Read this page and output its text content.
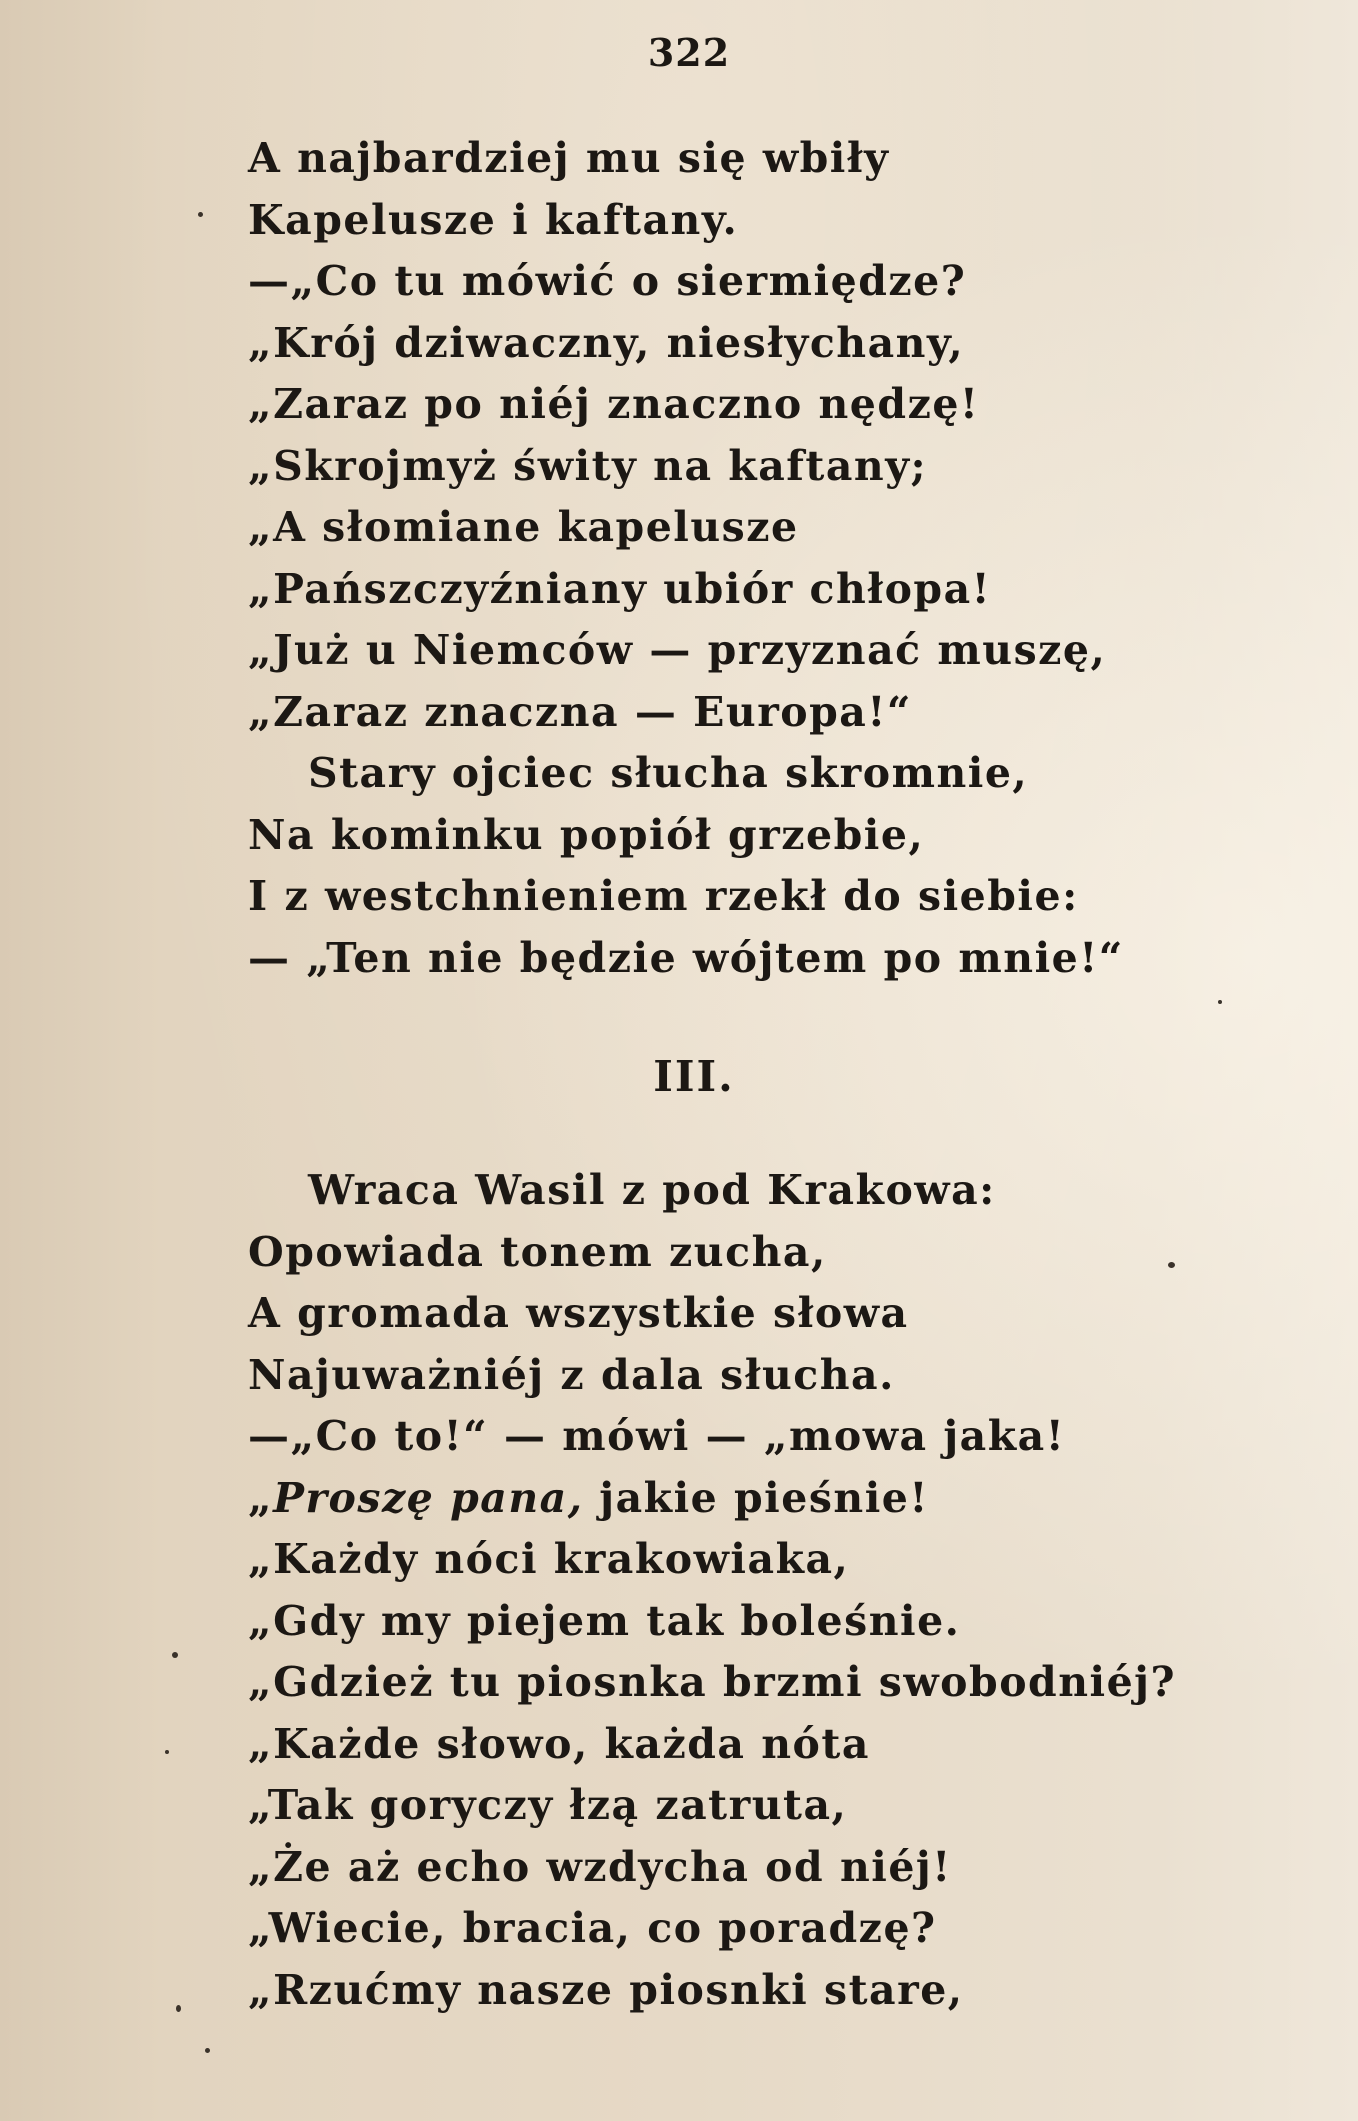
322
A najbardziej mu się wbiły
Kapelusze i kaftany.
—„Co tu mówić o siermiędze?
„Krój dziwaczny, niesłychany,
„Zaraz po niéj znaczno nędzę!
„Skrojmyż świty na kaftany;
„A słomiane kapelusze
„Pańszczyźniany ubiór chłopa!
„Już u Niemców — przyznać muszę,
„Zaraz znaczna — Europa!“
Stary ojciec słucha skromnie,
Na kominku popiół grzebie,
I z westchnieniem rzekł do siebie:
— „Ten nie będzie wójtem po mnie!“
III.
Wraca Wasil z pod Krakowa:
Opowiada tonem zucha,
A gromada wszystkie słowa
Najuważniéj z dala słucha.
—„Co to!“ — mówi — „mowa jaka!
„Proszę pana, jakie pieśnie!
„Każdy nóci krakowiaka,
„Gdy my piejem tak boleśnie.
„Gdzież tu piosnka brzmi swobodniéj?
„Każde słowo, każda nóta
„Tak goryczy łzą zatruta,
„Że aż echo wzdycha od niéj!
„Wiecie, bracia, co poradzę?
„Rzućmy nasze piosnki stare,
